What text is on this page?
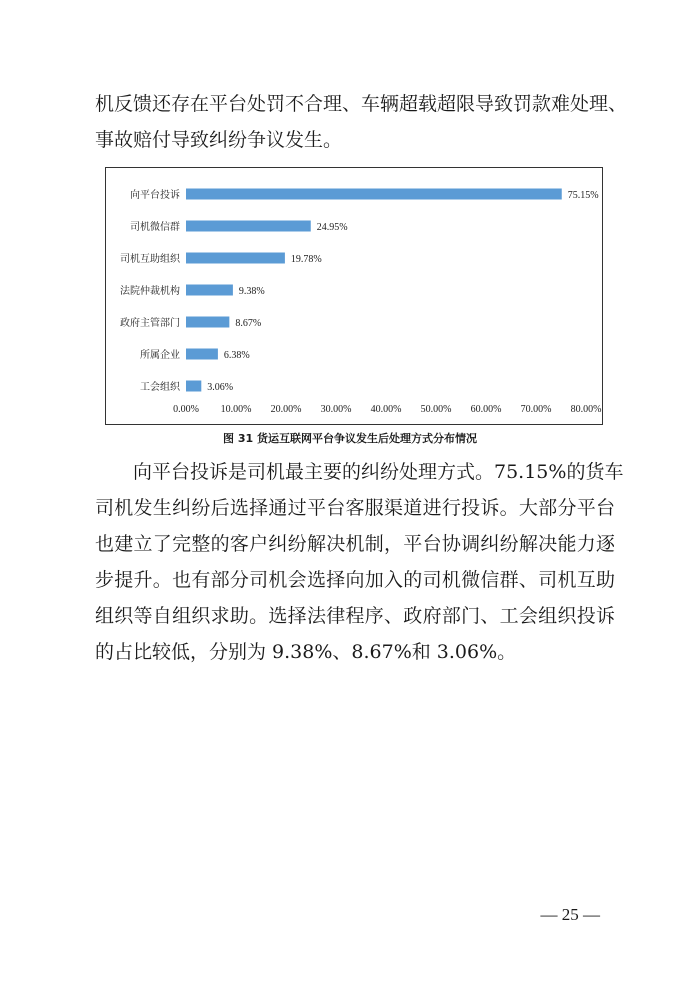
机反馈还存在平台处罚不合理、车辆超载超限导致罚款难处理、
事故赔付导致纠纷争议发生。
向平台投诉	75.15%
司机微信群	24.95%
司机互助组织	19.78%
法院仲裁机构	9.38%
政府主管部门	8.67%
所属企业	6.38%
工会组织	3.06%
0.00% 10.00% 20.00% 30.00% 40.00% 50.00% 60.00% 70.00% 80.00%
图 31 货运互联网平台争议发生后处理方式分布情况
向平台投诉是司机最主要的纠纷处理方式。75.15%的货车
司机发生纠纷后选择通过平台客服渠道进行投诉。大部分平台
也建立了完整的客户纠纷解决机制，平台协调纠纷解决能力逐
步提升。也有部分司机会选择向加入的司机微信群、司机互助
组织等自组织求助。选择法律程序、政府部门、工会组织投诉
的占比较低，分别为 9.38%、8.67%和 3.06%。
— 25 —
